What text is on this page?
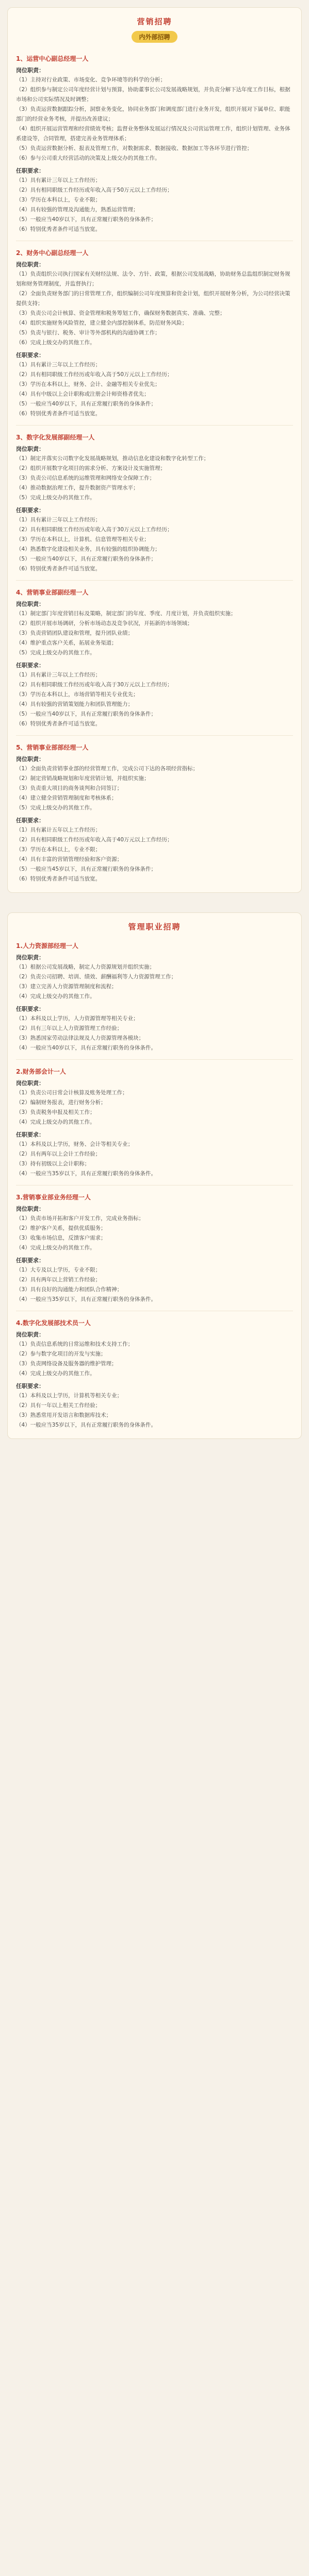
营销招聘
内外部招聘
1、运营中心副总经理一人
岗位职责：

（1）主持对行业政策、市场变化、竞争环境等的科学的分析；

（2）组织参与制定公司年度经营计划与预算，协助董事长公司发展战略规划，并负责分解下达年度工作目标，根据市场和公司实际情况及时调整；

（3）负责运营数据跟踪分析，洞察业务变化，协同业务部门和调度部门进行业务开发，组织开展对下属单位、职能部门的经营业务考核，并提出改善建议；

（4）组织开展运营管理和经营绩效考核；监督业务整体发展运行情况及公司营运管理工作，组织计划管理、业务体系建设等，合同管理，搭建完善业务管理体系；

（5）负责运营数据分析、报表及管理工作，对数据需求、数据接收、数据加工等各环节进行管控；

（6）参与公司重大经营活动的决策及上级交办的其他工作。

任职要求：

（1）具有累计三年以上工作经历；

（2）具有相同职级工作经历或年收入高于50万元以上工作经历；

（3）学历在本科以上，专业不限；

（4）具有较强的管理及沟通能力，熟悉运营管理；

（5）一般应当40岁以下，具有正常履行职务的身体条件；

（6）特别优秀者条件可适当放宽。

2、财务中心副总经理一人
岗位职责：

（1）负责组织公司执行国家有关财经法规、法令、方针、政策，根据公司发展战略，协助财务总监组织制定财务规划和财务管理制度，并监督执行；

（2）全面负责财务部门的日常管理工作，组织编制公司年度预算和资金计划，组织开展财务分析，为公司经营决策提供支持；

（3）负责公司会计核算、资金管理和税务筹划工作，确保财务数据真实、准确、完整；

（4）组织实施财务风险管控，建立健全内部控制体系，防范财务风险；

（5）负责与银行、税务、审计等外部机构的沟通协调工作；

（6）完成上级交办的其他工作。

任职要求：

（1）具有累计三年以上工作经历；

（2）具有相同职级工作经历或年收入高于50万元以上工作经历；

（3）学历在本科以上，财务、会计、金融等相关专业优先；

（4）具有中级以上会计职称或注册会计师资格者优先；

（5）一般应当40岁以下，具有正常履行职务的身体条件；

（6）特别优秀者条件可适当放宽。

3、数字化发展部副经理一人
岗位职责：

（1）制定并落实公司数字化发展战略规划，推动信息化建设和数字化转型工作；

（2）组织开展数字化项目的需求分析、方案设计及实施管理；

（3）负责公司信息系统的运维管理和网络安全保障工作；

（4）推动数据治理工作，提升数据资产管理水平；

（5）完成上级交办的其他工作。

任职要求：

（1）具有累计三年以上工作经历；

（2）具有相同职级工作经历或年收入高于30万元以上工作经历；

（3）学历在本科以上，计算机、信息管理等相关专业；

（4）熟悉数字化建设相关业务，具有较强的组织协调能力；

（5）一般应当40岁以下，具有正常履行职务的身体条件；

（6）特别优秀者条件可适当放宽。

4、营销事业部副经理一人
岗位职责：

（1）制定部门年度营销目标及策略，制定部门的年度、季度、月度计划，并负责组织实施；

（2）组织开展市场调研，分析市场动态及竞争状况，开拓新的市场领域；

（3）负责营销团队建设和管理，提升团队业绩；

（4）维护重点客户关系，拓展业务渠道；

（5）完成上级交办的其他工作。

任职要求：

（1）具有累计三年以上工作经历；

（2）具有相同职级工作经历或年收入高于30万元以上工作经历；

（3）学历在本科以上，市场营销等相关专业优先；

（4）具有较强的营销策划能力和团队管理能力；

（5）一般应当40岁以下，具有正常履行职务的身体条件；

（6）特别优秀者条件可适当放宽。

5、营销事业部部经理一人
岗位职责：

（1）全面负责营销事业部的经营管理工作，完成公司下达的各项经营指标；

（2）制定营销战略规划和年度营销计划，并组织实施；

（3）负责重大项目的商务谈判和合同签订；

（4）建立健全营销管理制度和考核体系；

（5）完成上级交办的其他工作。

任职要求：

（1）具有累计五年以上工作经历；

（2）具有相同职级工作经历或年收入高于40万元以上工作经历；

（3）学历在本科以上，专业不限；

（4）具有丰富的营销管理经验和客户资源；

（5）一般应当45岁以下，具有正常履行职务的身体条件；

（6）特别优秀者条件可适当放宽。

管理职业招聘
1.人力资源部经理一人
岗位职责：

（1）根据公司发展战略，制定人力资源规划并组织实施；

（2）负责公司招聘、培训、绩效、薪酬福利等人力资源管理工作；

（3）建立完善人力资源管理制度和流程；

（4）完成上级交办的其他工作。

任职要求：

（1）本科及以上学历，人力资源管理等相关专业；

（2）具有三年以上人力资源管理工作经验；

（3）熟悉国家劳动法律法规及人力资源管理各模块；

（4）一般应当40岁以下，具有正常履行职务的身体条件。

2.财务部会计一人
岗位职责：

（1）负责公司日常会计核算及账务处理工作；

（2）编制财务报表，进行财务分析；

（3）负责税务申报及相关工作；

（4）完成上级交办的其他工作。

任职要求：

（1）本科及以上学历，财务、会计等相关专业；

（2）具有两年以上会计工作经验；

（3）持有初级以上会计职称；

（4）一般应当35岁以下，具有正常履行职务的身体条件。

3.营销事业部业务经理一人
岗位职责：

（1）负责市场开拓和客户开发工作，完成业务指标；

（2）维护客户关系，提供优质服务；

（3）收集市场信息，反馈客户需求；

（4）完成上级交办的其他工作。

任职要求：

（1）大专及以上学历，专业不限；

（2）具有两年以上营销工作经验；

（3）具有良好的沟通能力和团队合作精神；

（4）一般应当35岁以下，具有正常履行职务的身体条件。

4.数字化发展部技术员一人
岗位职责：

（1）负责信息系统的日常运维和技术支持工作；

（2）参与数字化项目的开发与实施；

（3）负责网络设备及服务器的维护管理；

（4）完成上级交办的其他工作。

任职要求：

（1）本科及以上学历，计算机等相关专业；

（2）具有一年以上相关工作经验；

（3）熟悉常用开发语言和数据库技术；

（4）一般应当35岁以下，具有正常履行职务的身体条件。
